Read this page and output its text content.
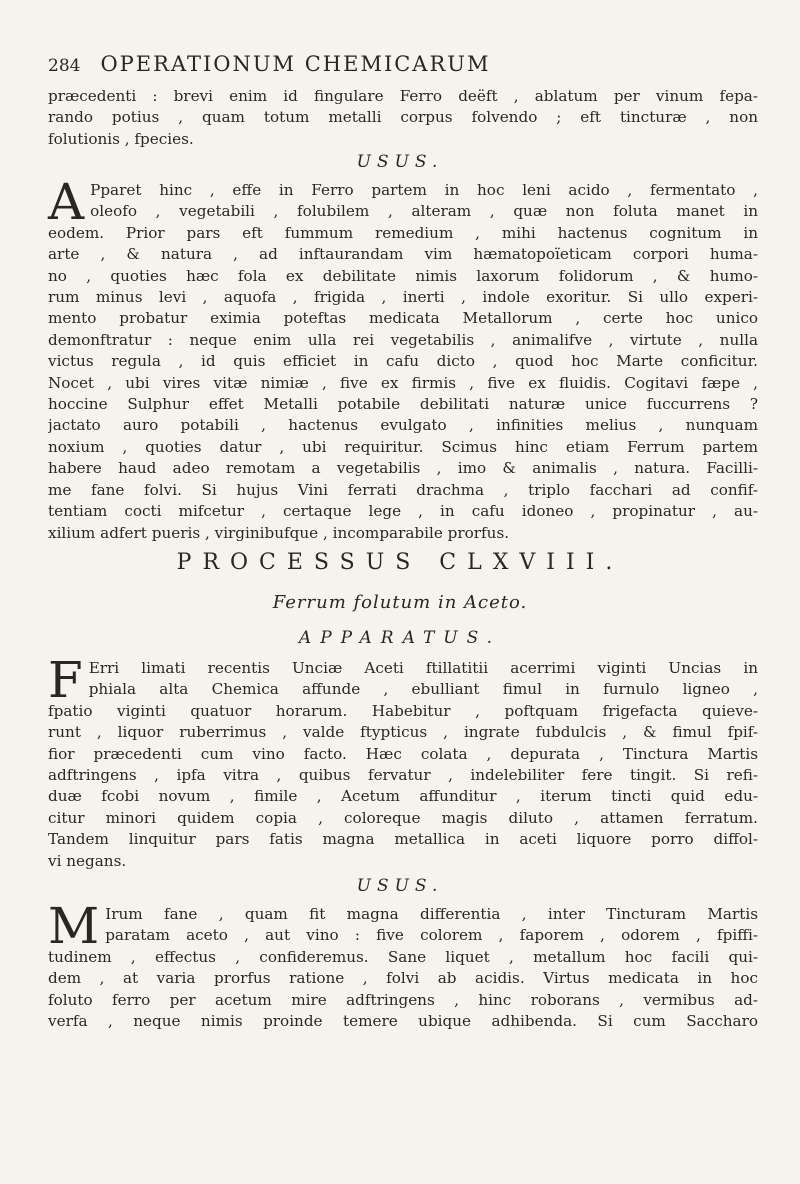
284 OPERATIONUM CHEMICARUM
præcedenti : brevi enim id fingulare Ferro deëft , ablatum per vinum fepa-
rando potius , quam totum metalli corpus folvendo ; eft tincturæ , non
folutionis , fpecies.
USUS.
A Pparet hinc , effe in Ferro partem in hoc leni acido , fermentato ,
oleofo , vegetabili , folubilem , alteram , quæ non foluta manet in
eodem. Prior pars eft fummum remedium , mihi hactenus cognitum in
arte , & natura , ad inftaurandam vim hæmatopoïeticam corpori huma-
no , quoties hæc fola ex debilitate nimis laxorum folidorum , & humo-
rum minus levi , aquofa , frigida , inerti , indole exoritur. Si ullo experi-
mento probatur eximia poteftas medicata Metallorum , certe hoc unico
demonftratur : neque enim ulla rei vegetabilis , animalifve , virtute , nulla
victus regula , id quis efficiet in cafu dicto , quod hoc Marte conficitur.
Nocet , ubi vires vitæ nimiæ , five ex firmis , five ex fluidis. Cogitavi fæpe ,
hoccine Sulphur effet Metalli potabile debilitati naturæ unice fuccurrens ?
jactato auro potabili , hactenus evulgato , infinities melius , nunquam
noxium , quoties datur , ubi requiritur. Scimus hinc etiam Ferrum partem
habere haud adeo remotam a vegetabilis , imo & animalis , natura. Facilli-
me fane folvi. Si hujus Vini ferrati drachma , triplo facchari ad confif-
tentiam cocti mifcetur , certaque lege , in cafu idoneo , propinatur , au-
xilium adfert pueris , virginibufque , incomparabile prorfus.
PROCESSUS CLXVIII.
Ferrum folutum in Aceto.
APPARATUS.
F Erri limati recentis Unciæ Aceti ftillatitii acerrimi viginti Uncias in
phiala alta Chemica affunde , ebulliant fimul in furnulo ligneo ,
fpatio viginti quatuor horarum. Habebitur , poftquam frigefacta quieve-
runt , liquor ruberrimus , valde ftypticus , ingrate fubdulcis , & fimul fpif-
fior præcedenti cum vino facto. Hæc colata , depurata , Tinctura Martis
adftringens , ipfa vitra , quibus fervatur , indelebiliter fere tingit. Si refi-
duæ fcobi novum , fimile , Acetum affunditur , iterum tincti quid edu-
citur minori quidem copia , coloreque magis diluto , attamen ferratum.
Tandem linquitur pars fatis magna metallica in aceti liquore porro diffol-
vi negans.
USUS.
M Irum fane , quam fit magna differentia , inter Tincturam Martis
paratam aceto , aut vino : five colorem , faporem , odorem , fpiffi-
tudinem , effectus , confideremus. Sane liquet , metallum hoc facili qui-
dem , at varia prorfus ratione , folvi ab acidis. Virtus medicata in hoc
foluto ferro per acetum mire adftringens , hinc roborans , vermibus ad-
verfa , neque nimis proinde temere ubique adhibenda. Si cum Saccharo
